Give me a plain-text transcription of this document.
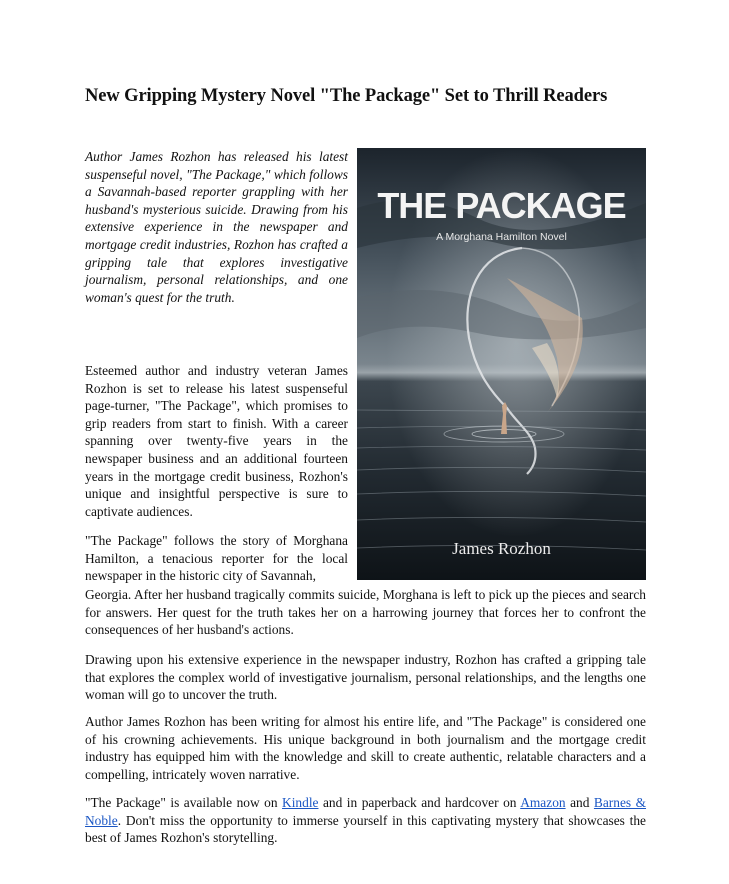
New Gripping Mystery Novel "The Package" Set to Thrill Readers
THE PACKAGE
A Morghana Hamilton Novel
James Rozhon

Author James Rozhon has released his latest suspenseful novel, "The Package," which follows a Savannah-based reporter grappling with her husband's mysterious suicide. Drawing from his extensive experience in the newspaper and mortgage credit industries, Rozhon has crafted a gripping tale that explores investigative journalism, personal relationships, and one woman's quest for the truth.

Esteemed author and industry veteran James Rozhon is set to release his latest suspenseful page-turner, "The Package", which promises to grip readers from start to finish. With a career spanning over twenty-five years in the newspaper business and an additional fourteen years in the mortgage credit business, Rozhon's unique and insightful perspective is sure to captivate audiences.

"The Package" follows the story of Morghana Hamilton, a tenacious reporter for the local newspaper in the historic city of Savannah,

Georgia. After her husband tragically commits suicide, Morghana is left to pick up the pieces and search for answers. Her quest for the truth takes her on a harrowing journey that forces her to confront the consequences of her husband's actions.

Drawing upon his extensive experience in the newspaper industry, Rozhon has crafted a gripping tale that explores the complex world of investigative journalism, personal relationships, and the lengths one woman will go to uncover the truth.

Author James Rozhon has been writing for almost his entire life, and "The Package" is considered one of his crowning achievements. His unique background in both journalism and the mortgage credit industry has equipped him with the knowledge and skill to create authentic, relatable characters and a compelling, intricately woven narrative.

"The Package" is available now on Kindle and in paperback and hardcover on Amazon and Barnes & Noble. Don't miss the opportunity to immerse yourself in this captivating mystery that showcases the best of James Rozhon's storytelling.
